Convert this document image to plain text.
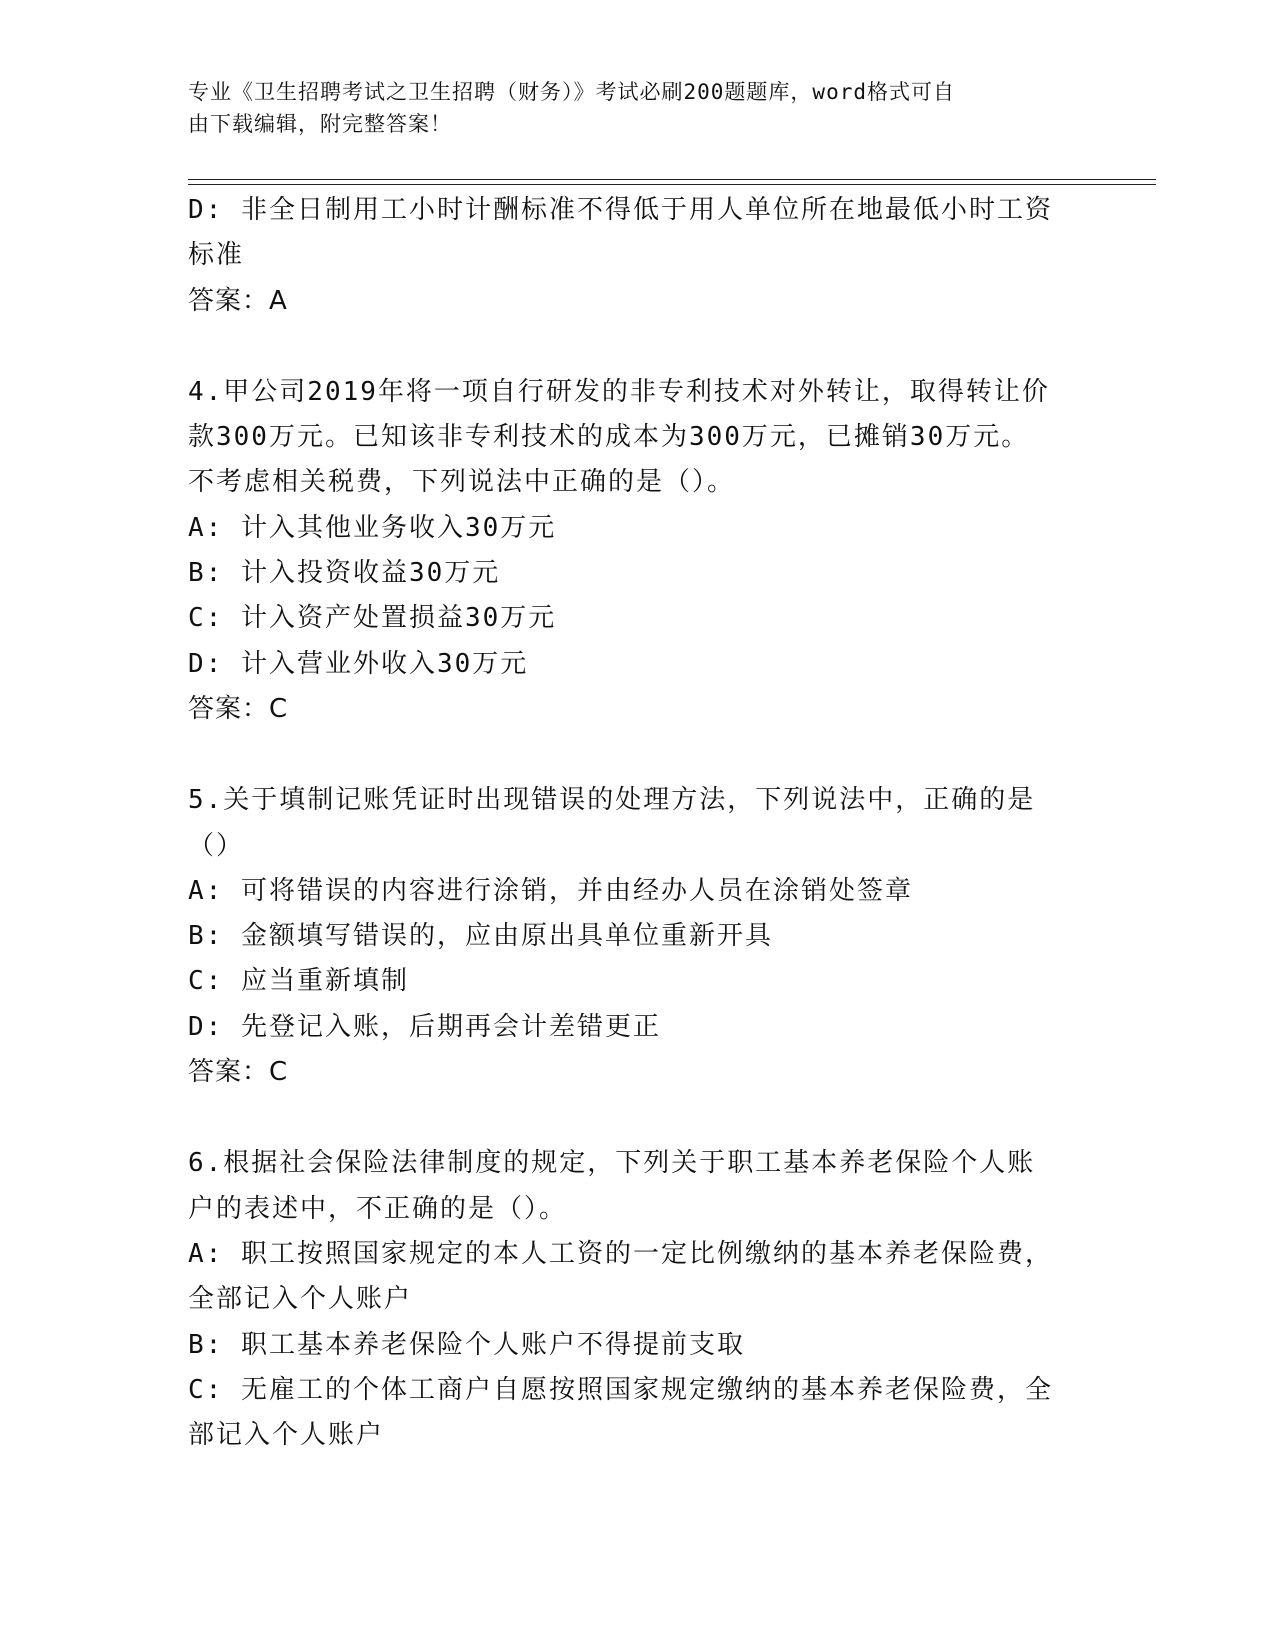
专业《卫生招聘考试之卫生招聘（财务）》考试必刷200题题库，word格式可自
由下载编辑，附完整答案！
D: 非全日制用工小时计酬标准不得低于用人单位所在地最低小时工资
标准
答案：A
4.甲公司2019年将一项自行研发的非专利技术对外转让，取得转让价
款300万元。已知该非专利技术的成本为300万元，已摊销30万元。
不考虑相关税费，下列说法中正确的是（）。
A: 计入其他业务收入30万元
B: 计入投资收益30万元
C: 计入资产处置损益30万元
D: 计入营业外收入30万元
答案：C
5.关于填制记账凭证时出现错误的处理方法，下列说法中，正确的是
（）
A: 可将错误的内容进行涂销，并由经办人员在涂销处签章
B: 金额填写错误的，应由原出具单位重新开具
C: 应当重新填制
D: 先登记入账，后期再会计差错更正
答案：C
6.根据社会保险法律制度的规定，下列关于职工基本养老保险个人账
户的表述中，不正确的是（）。
A: 职工按照国家规定的本人工资的一定比例缴纳的基本养老保险费，
全部记入个人账户
B: 职工基本养老保险个人账户不得提前支取
C: 无雇工的个体工商户自愿按照国家规定缴纳的基本养老保险费，全
部记入个人账户
